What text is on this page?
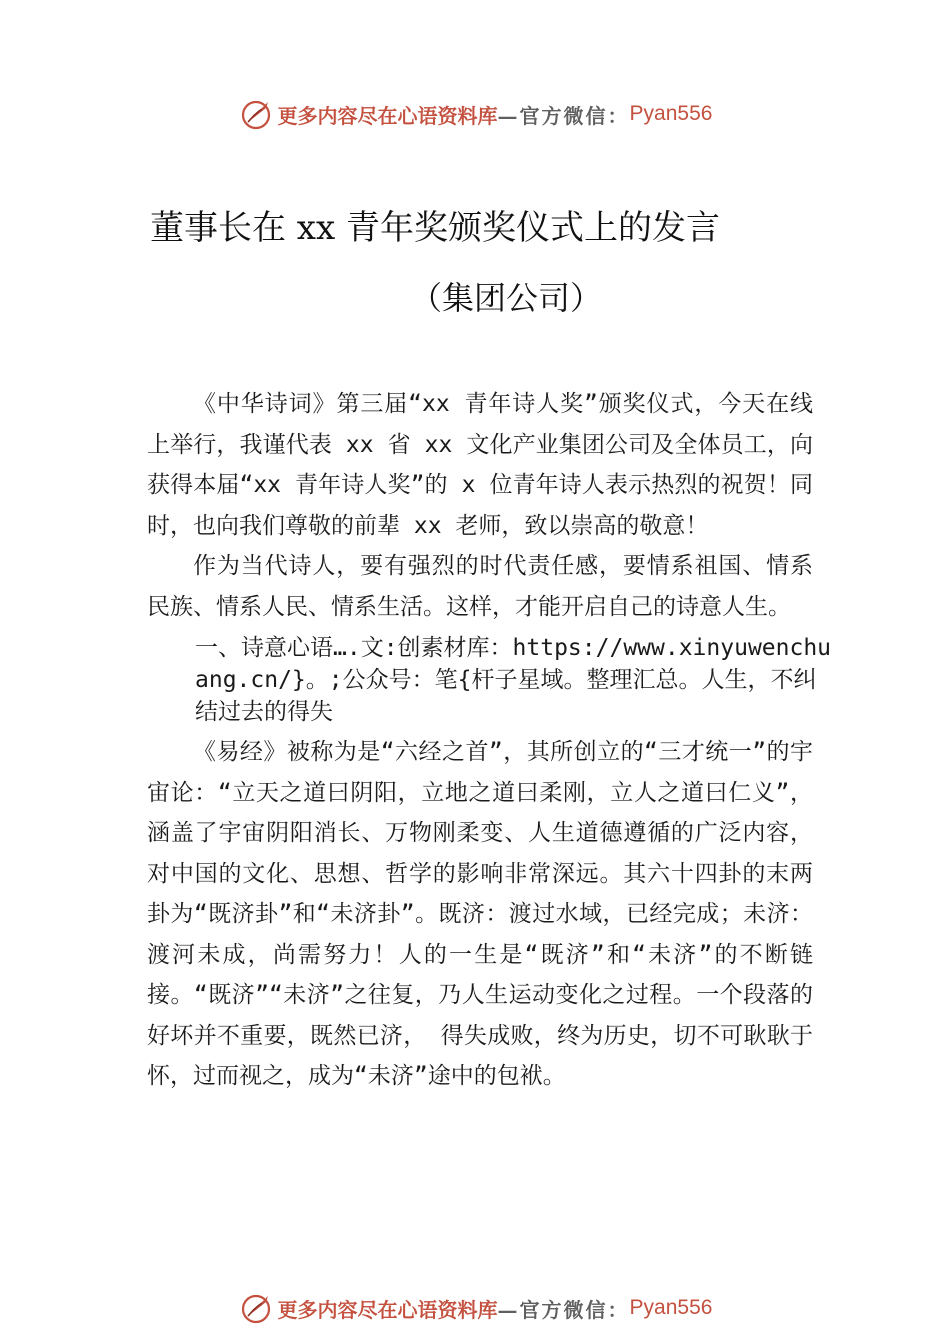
更多内容尽在心语资料库 —官方微信： Pyan556
董事长在 xx 青年奖颁奖仪式上的发言
（集团公司）

《中华诗词》第三届“xx 青年诗人奖”颁奖仪式，今天在线上举行，我谨代表 xx 省 xx 文化产业集团公司及全体员工，向获得本届“xx 青年诗人奖”的 x 位青年诗人表示热烈的祝贺！同时，也向我们尊敬的前辈 xx 老师，致以崇高的敬意！

作为当代诗人，要有强烈的时代责任感，要情系祖国、情系民族、情系人民、情系生活。这样，才能开启自己的诗意人生。

一、诗意心语….文:创素材库：https://www.xinyuwenchuang.cn/}。;公众号：笔{杆子星域。整理汇总。人生，不纠结过去的得失

《易经》被称为是“六经之首”，其所创立的“三才统一”的宇宙论：“立天之道曰阴阳，立地之道曰柔刚，立人之道曰仁义”，涵盖了宇宙阴阳消长、万物刚柔变、人生道德遵循的广泛内容，对中国的文化、思想、哲学的影响非常深远。其六十四卦的末两卦为“既济卦”和“未济卦”。既济：渡过水域，已经完成；未济：渡河未成，尚需努力！人的一生是“既济”和“未济”的不断链接。“既济”“未济”之往复，乃人生运动变化之过程。一个段落的好坏并不重要，既然已济， 得失成败，终为历史，切不可耿耿于怀，过而视之，成为“未济”途中的包袱。

更多内容尽在心语资料库 —官方微信： Pyan556
